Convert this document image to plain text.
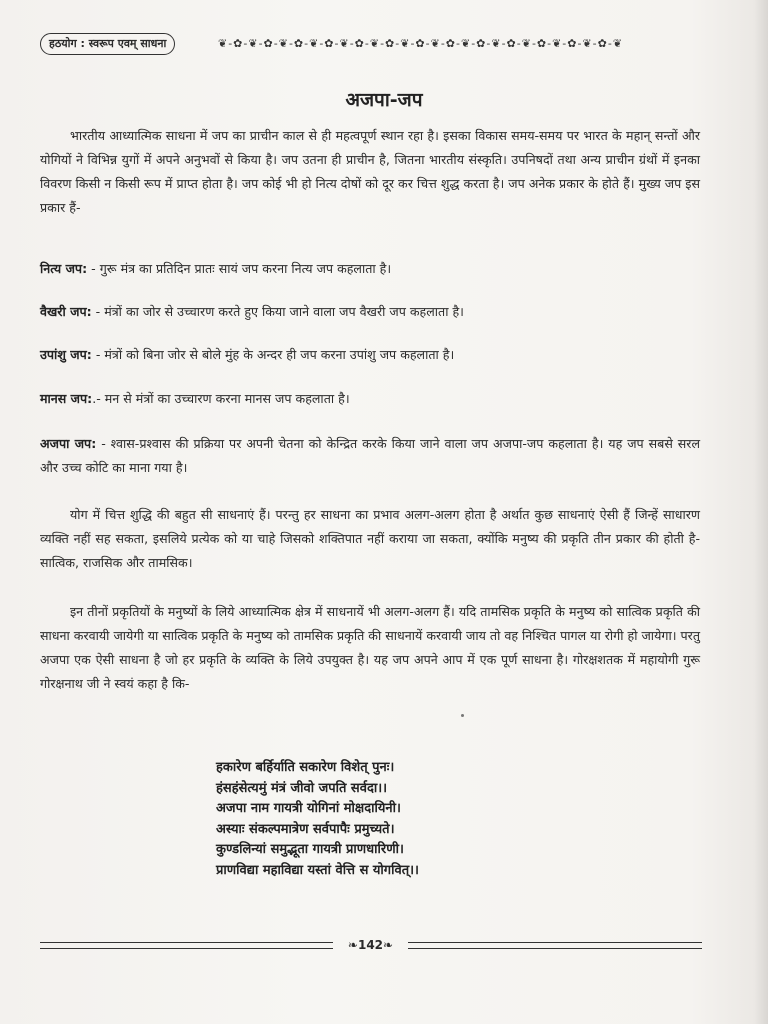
हठयोग : स्वरूप एवम् साधना	❦-✿-❦-✿-❦-✿-❦-✿-❦-✿-❦-✿-❦-✿-❦-✿-❦-✿-❦-✿-❦-✿-❦-✿-❦-✿-❦
अजपा-जप
भारतीय आध्यात्मिक साधना में जप का प्राचीन काल से ही महत्वपूर्ण स्थान रहा है। इसका विकास समय-समय पर भारत के महान् सन्तों और योगियों ने विभिन्न युगों में अपने अनुभवों से किया है। जप उतना ही प्राचीन है, जितना भारतीय संस्कृति। उपनिषदों तथा अन्य प्राचीन ग्रंथों में इनका विवरण किसी न किसी रूप में प्राप्त होता है। जप कोई भी हो नित्य दोषों को दूर कर चित्त शुद्ध करता है। जप अनेक प्रकार के होते हैं। मुख्य जप इस प्रकार हैं-
नित्य जप: - गुरू मंत्र का प्रतिदिन प्रातः सायं जप करना नित्य जप कहलाता है।
वैखरी जप: - मंत्रों का जोर से उच्चारण करते हुए किया जाने वाला जप वैखरी जप कहलाता है।
उपांशु जप: - मंत्रों को बिना जोर से बोले मुंह के अन्दर ही जप करना उपांशु जप कहलाता है।
मानस जप:.- मन से मंत्रों का उच्चारण करना मानस जप कहलाता है।
अजपा जप: - श्वास-प्रश्वास की प्रक्रिया पर अपनी चेतना को केन्द्रित करके किया जाने वाला जप अजपा-जप कहलाता है। यह जप सबसे सरल और उच्च कोटि का माना गया है।
योग में चित्त शुद्धि की बहुत सी साधनाएं हैं। परन्तु हर साधना का प्रभाव अलग-अलग होता है अर्थात कुछ साधनाएं ऐसी हैं जिन्हें साधारण व्यक्ति नहीं सह सकता, इसलिये प्रत्येक को या चाहे जिसको शक्तिपात नहीं कराया जा सकता, क्योंकि मनुष्य की प्रकृति तीन प्रकार की होती है-सात्विक, राजसिक और तामसिक।
इन तीनों प्रकृतियों के मनुष्यों के लिये आध्यात्मिक क्षेत्र में साधनायें भी अलग-अलग हैं। यदि तामसिक प्रकृति के मनुष्य को सात्विक प्रकृति की साधना करवायी जायेगी या सात्विक प्रकृति के मनुष्य को तामसिक प्रकृति की साधनायें करवायी जाय तो वह निश्चित पागल या रोगी हो जायेगा। परतु अजपा एक ऐसी साधना है जो हर प्रकृति के व्यक्ति के लिये उपयुक्त है। यह जप अपने आप में एक पूर्ण साधना है। गोरक्षशतक में महायोगी गुरू गोरक्षनाथ जी ने स्वयं कहा है कि-
हकारेण बर्हिर्याति सकारेण विशेत् पुनः।
हंसहंसेत्यमुं मंत्रं जीवो जपति सर्वदा।।
अजपा नाम गायत्री योगिनां मोक्षदायिनी।
अस्याः संकल्पमात्रेण सर्वपापैः प्रमुच्यते।
कुण्डलिन्यां समुद्भूता गायत्री प्राणधारिणी।
प्राणविद्या महाविद्या यस्तां वेत्ति स योगवित्।।
❧142❧
